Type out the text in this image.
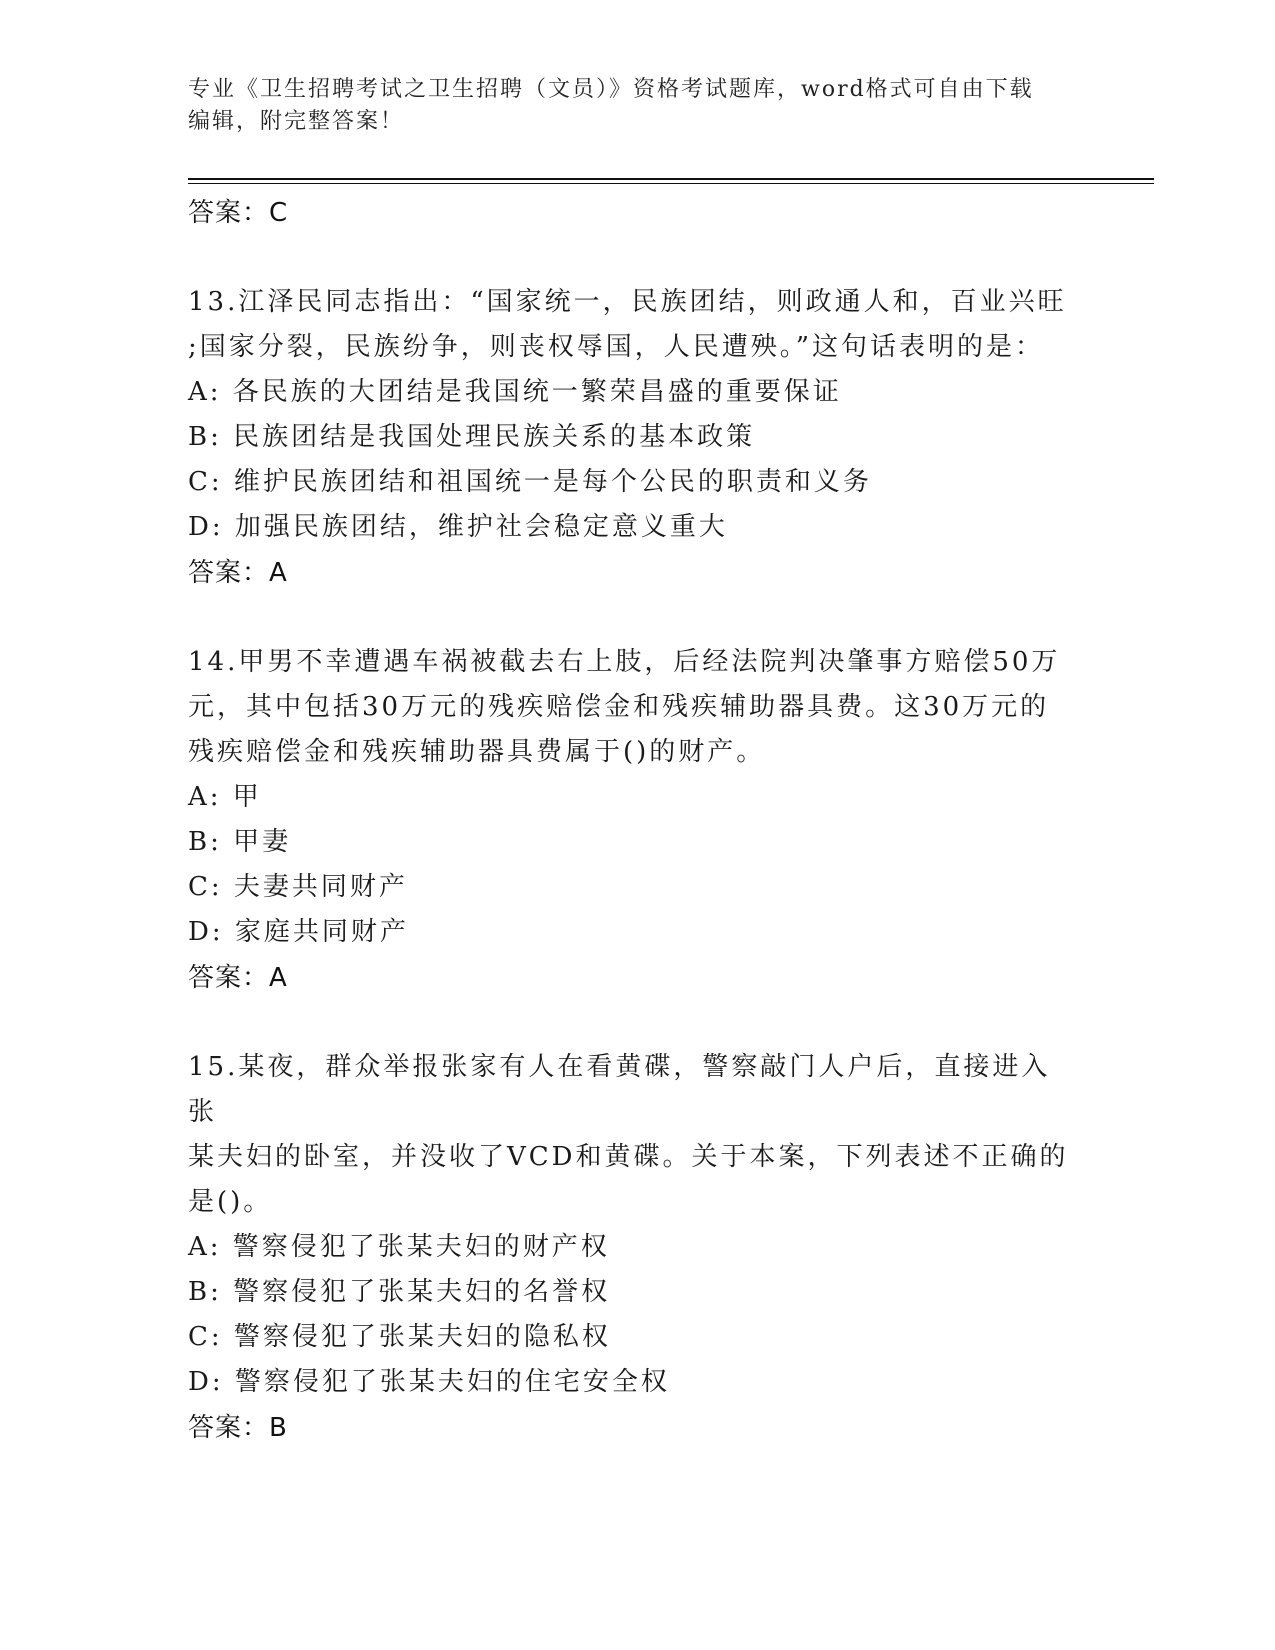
专业《卫生招聘考试之卫生招聘（文员）》资格考试题库，word格式可自由下载
编辑，附完整答案！
答案：C
13.江泽民同志指出：“国家统一，民族团结，则政通人和，百业兴旺
;国家分裂，民族纷争，则丧权辱国，人民遭殃。”这句话表明的是：
A: 各民族的大团结是我国统一繁荣昌盛的重要保证
B: 民族团结是我国处理民族关系的基本政策
C: 维护民族团结和祖国统一是每个公民的职责和义务
D: 加强民族团结，维护社会稳定意义重大
答案：A
14.甲男不幸遭遇车祸被截去右上肢，后经法院判决肇事方赔偿50万
元，其中包括30万元的残疾赔偿金和残疾辅助器具费。这30万元的
残疾赔偿金和残疾辅助器具费属于()的财产。
A: 甲
B: 甲妻
C: 夫妻共同财产
D: 家庭共同财产
答案：A
15.某夜，群众举报张家有人在看黄碟，警察敲门人户后，直接进入张
某夫妇的卧室，并没收了VCD和黄碟。关于本案，下列表述不正确的
是()。
A: 警察侵犯了张某夫妇的财产权
B: 警察侵犯了张某夫妇的名誉权
C: 警察侵犯了张某夫妇的隐私权
D: 警察侵犯了张某夫妇的住宅安全权
答案：B
